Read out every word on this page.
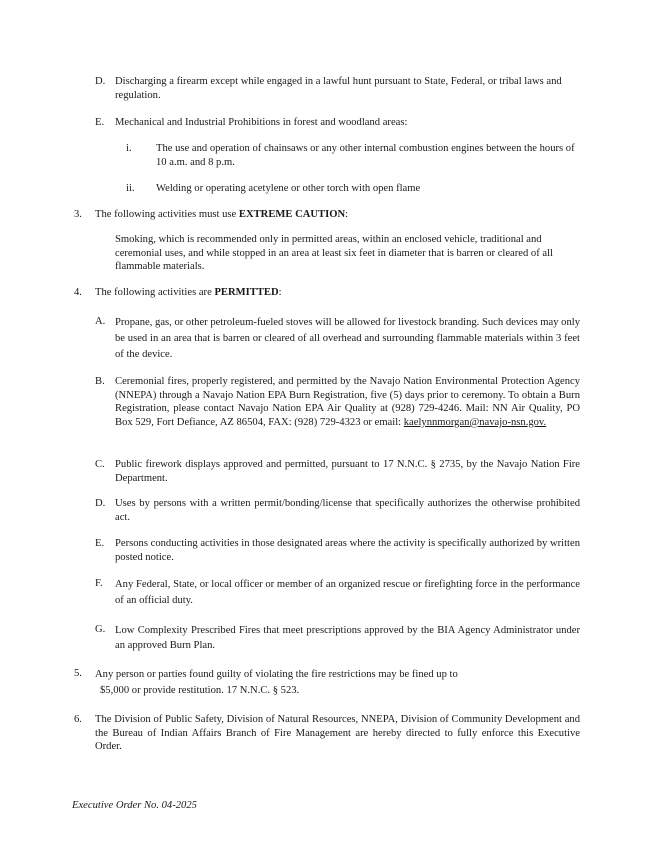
D. Discharging a firearm except while engaged in a lawful hunt pursuant to State, Federal, or tribal laws and regulation.
E. Mechanical and Industrial Prohibitions in forest and woodland areas:
i. The use and operation of chainsaws or any other internal combustion engines between the hours of 10 a.m. and 8 p.m.
ii. Welding or operating acetylene or other torch with open flame
3. The following activities must use EXTREME CAUTION:
Smoking, which is recommended only in permitted areas, within an enclosed vehicle, traditional and ceremonial uses, and while stopped in an area at least six feet in diameter that is barren or cleared of all flammable materials.
4. The following activities are PERMITTED:
A. Propane, gas, or other petroleum-fueled stoves will be allowed for livestock branding. Such devices may only be used in an area that is barren or cleared of all overhead and surrounding flammable materials within 3 feet of the device.
B. Ceremonial fires, properly registered, and permitted by the Navajo Nation Environmental Protection Agency (NNEPA) through a Navajo Nation EPA Burn Registration, five (5) days prior to ceremony. To obtain a Burn Registration, please contact Navajo Nation EPA Air Quality at (928) 729-4246. Mail: NN Air Quality, PO Box 529, Fort Defiance, AZ 86504, FAX: (928) 729-4323 or email: kaelynnmorgan@navajo-nsn.gov.
C. Public firework displays approved and permitted, pursuant to 17 N.N.C. § 2735, by the Navajo Nation Fire Department.
D. Uses by persons with a written permit/bonding/license that specifically authorizes the otherwise prohibited act.
E. Persons conducting activities in those designated areas where the activity is specifically authorized by written posted notice.
F. Any Federal, State, or local officer or member of an organized rescue or firefighting force in the performance of an official duty.
G. Low Complexity Prescribed Fires that meet prescriptions approved by the BIA Agency Administrator under an approved Burn Plan.
5. Any person or parties found guilty of violating the fire restrictions may be fined up to
$5,000 or provide restitution. 17 N.N.C. § 523.
6. The Division of Public Safety, Division of Natural Resources, NNEPA, Division of Community Development and the Bureau of Indian Affairs Branch of Fire Management are hereby directed to fully enforce this Executive Order.
Executive Order No. 04-2025
